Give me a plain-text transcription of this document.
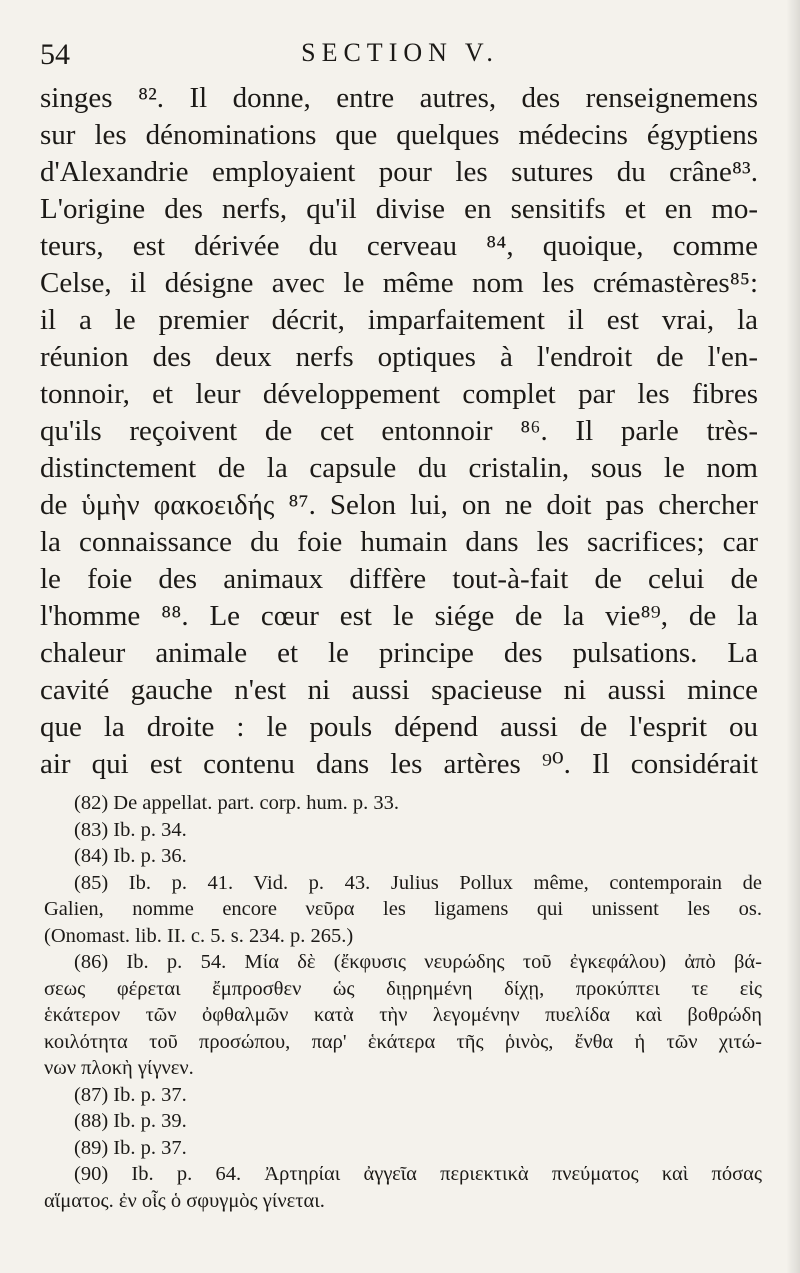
54	SECTION V.
singes ⁸². Il donne, entre autres, des renseignemens
sur les dénominations que quelques médecins égyptiens
d'Alexandrie employaient pour les sutures du crâne⁸³.
L'origine des nerfs, qu'il divise en sensitifs et en mo-
teurs, est dérivée du cerveau ⁸⁴, quoique, comme
Celse, il désigne avec le même nom les crémastères⁸⁵:
il a le premier décrit, imparfaitement il est vrai, la
réunion des deux nerfs optiques à l'endroit de l'en-
tonnoir, et leur développement complet par les fibres
qu'ils reçoivent de cet entonnoir ⁸⁶. Il parle très-
distinctement de la capsule du cristalin, sous le nom
de ὑμὴν φακοειδής ⁸⁷. Selon lui, on ne doit pas chercher
la connaissance du foie humain dans les sacrifices; car
le foie des animaux diffère tout-à-fait de celui de
l'homme ⁸⁸. Le cœur est le siége de la vie⁸⁹, de la
chaleur animale et le principe des pulsations. La
cavité gauche n'est ni aussi spacieuse ni aussi mince
que la droite : le pouls dépend aussi de l'esprit ou
air qui est contenu dans les artères ⁹⁰. Il considérait
(82) De appellat. part. corp. hum. p. 33.
(83) Ib. p. 34.
(84) Ib. p. 36.
(85) Ib. p. 41. Vid. p. 43. Julius Pollux même, contemporain de
Galien, nomme encore νεῦρα les ligamens qui unissent les os.
(Onomast. lib. II. c. 5. s. 234. p. 265.)
(86) Ib. p. 54. Μία δὲ (ἔκφυσις νευρώδης τοῦ ἐγκεφάλου) ἀπὸ βά-
σεως φέρεται ἔμπροσθεν ὡς διῃρημένη δίχῃ, προκύπτει τε εἰς
ἑκάτερον τῶν ὀφθαλμῶν κατὰ τὴν λεγομένην πυελίδα καὶ βοθρώδη
κοιλότητα τοῦ προσώπου, παρ' ἑκάτερα τῆς ῥινὸς, ἔνθα ἡ τῶν χιτώ-
νων πλοκὴ γίγνεν.
(87) Ib. p. 37.
(88) Ib. p. 39.
(89) Ib. p. 37.
(90) Ib. p. 64. Ἀρτηρίαι ἀγγεῖα περιεκτικὰ πνεύματος καὶ πόσας
αἵματος. ἐν οἷς ὁ σφυγμὸς γίνεται.
